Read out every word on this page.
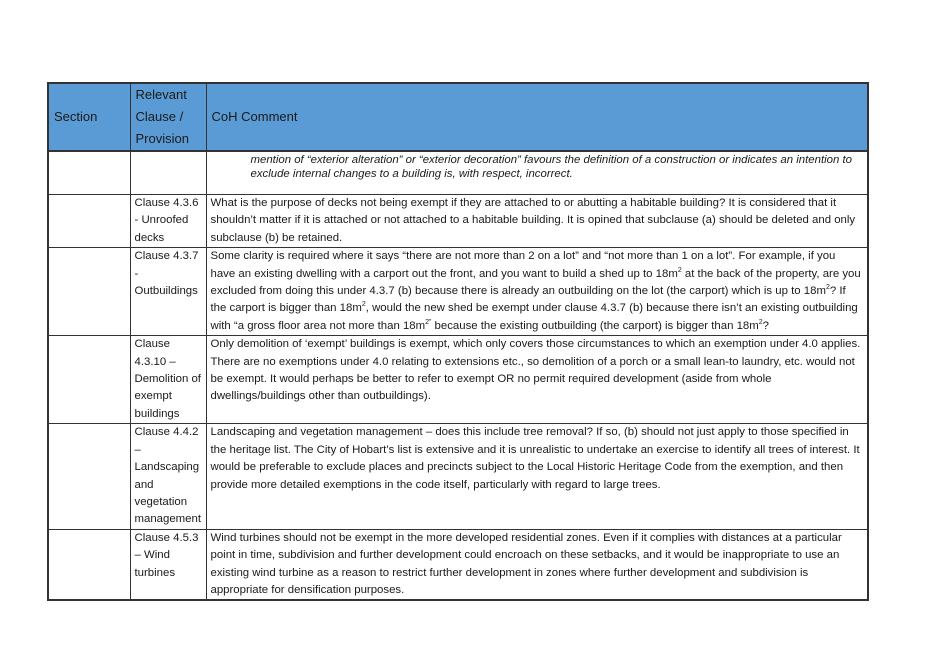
Section	Relevant Clause / Provision	CoH Comment

		mention of “exterior alteration” or “exterior decoration” favours the definition of a construction or indicates an intention to exclude internal changes to a building is, with respect, incorrect.

	Clause 4.3.6 - Unroofed decks	What is the purpose of decks not being exempt if they are attached to or abutting a habitable building? It is considered that it shouldn’t matter if it is attached or not attached to a habitable building. It is opined that subclause (a) should be deleted and only subclause (b) be retained.
	Clause 4.3.7 - Outbuildings	Some clarity is required where it says “there are not more than 2 on a lot” and “not more than 1 on a lot”. For example, if you have an existing dwelling with a carport out the front, and you want to build a shed up to $18m^2$ at the back of the property, are you excluded from doing this under 4.3.7 (b) because there is already an outbuilding on the lot (the carport) which is up to $18m^2$? If the carport is bigger than $18m^2$, would the new shed be exempt under clause 4.3.7 (b) because there isn’t an existing outbuilding with “a gross floor area not more than $18m^{2”}$ because the existing outbuilding (the carport) is bigger than $18m^2$?
	Clause 4.3.10 – Demolition of exempt buildings	Only demolition of ‘exempt’ buildings is exempt, which only covers those circumstances to which an exemption under 4.0 applies. There are no exemptions under 4.0 relating to extensions etc., so demolition of a porch or a small lean-to laundry, etc. would not be exempt. It would perhaps be better to refer to exempt OR no permit required development (aside from whole dwellings/buildings other than outbuildings).
	Clause 4.4.2 – Landscaping and vegetation management	Landscaping and vegetation management – does this include tree removal? If so, (b) should not just apply to those specified in the heritage list. The City of Hobart’s list is extensive and it is unrealistic to undertake an exercise to identify all trees of interest. It would be preferable to exclude places and precincts subject to the Local Historic Heritage Code from the exemption, and then provide more detailed exemptions in the code itself, particularly with regard to large trees.
	Clause 4.5.3 – Wind turbines	Wind turbines should not be exempt in the more developed residential zones. Even if it complies with distances at a particular point in time, subdivision and further development could encroach on these setbacks, and it would be inappropriate to use an existing wind turbine as a reason to restrict further development in zones where further development and subdivision is appropriate for densification purposes.
